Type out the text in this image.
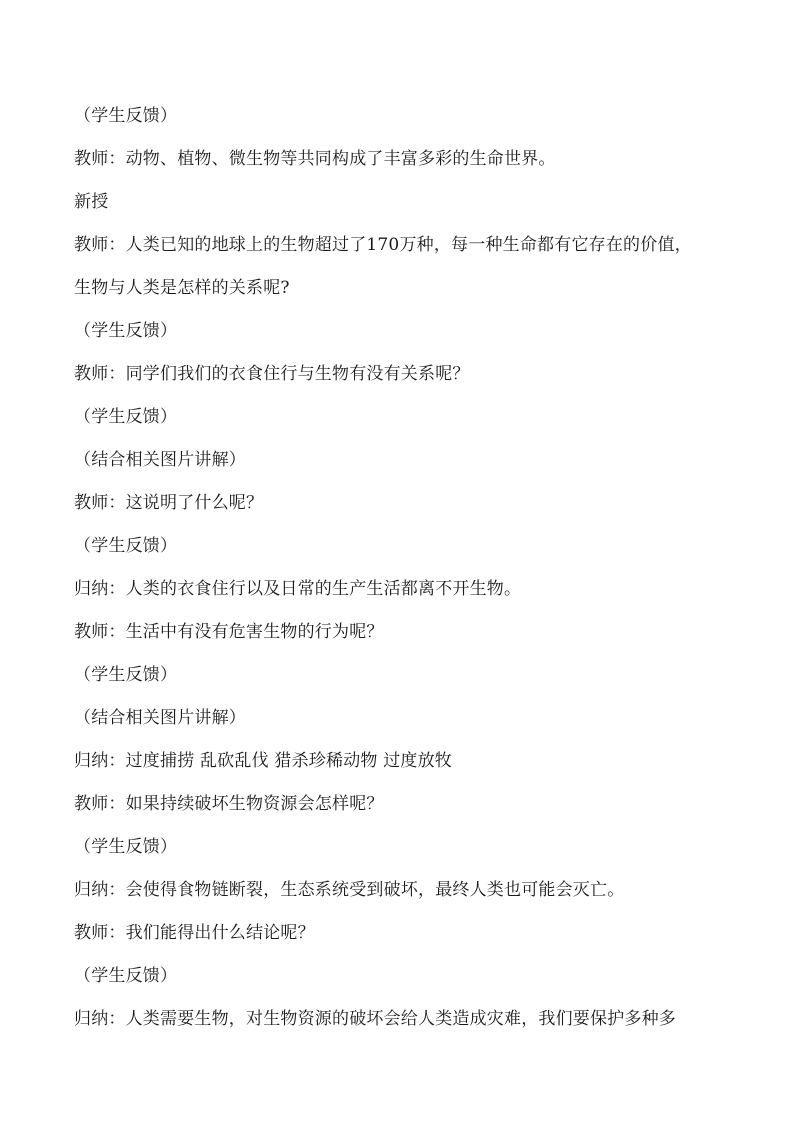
（学生反馈）
教师：动物、植物、微生物等共同构成了丰富多彩的生命世界。
新授
教师：人类已知的地球上的生物超过了170万种，每一种生命都有它存在的价值，
生物与人类是怎样的关系呢?
（学生反馈）
教师：同学们我们的衣食住行与生物有没有关系呢？
（学生反馈）
（结合相关图片讲解）
教师：这说明了什么呢？
（学生反馈）
归纳：人类的衣食住行以及日常的生产生活都离不开生物。
教师：生活中有没有危害生物的行为呢？
（学生反馈）
（结合相关图片讲解）
归纳：过度捕捞 乱砍乱伐 猎杀珍稀动物 过度放牧
教师：如果持续破坏生物资源会怎样呢？
（学生反馈）
归纳：会使得食物链断裂，生态系统受到破坏，最终人类也可能会灭亡。
教师：我们能得出什么结论呢？
（学生反馈）
归纳：人类需要生物，对生物资源的破坏会给人类造成灾难，我们要保护多种多
